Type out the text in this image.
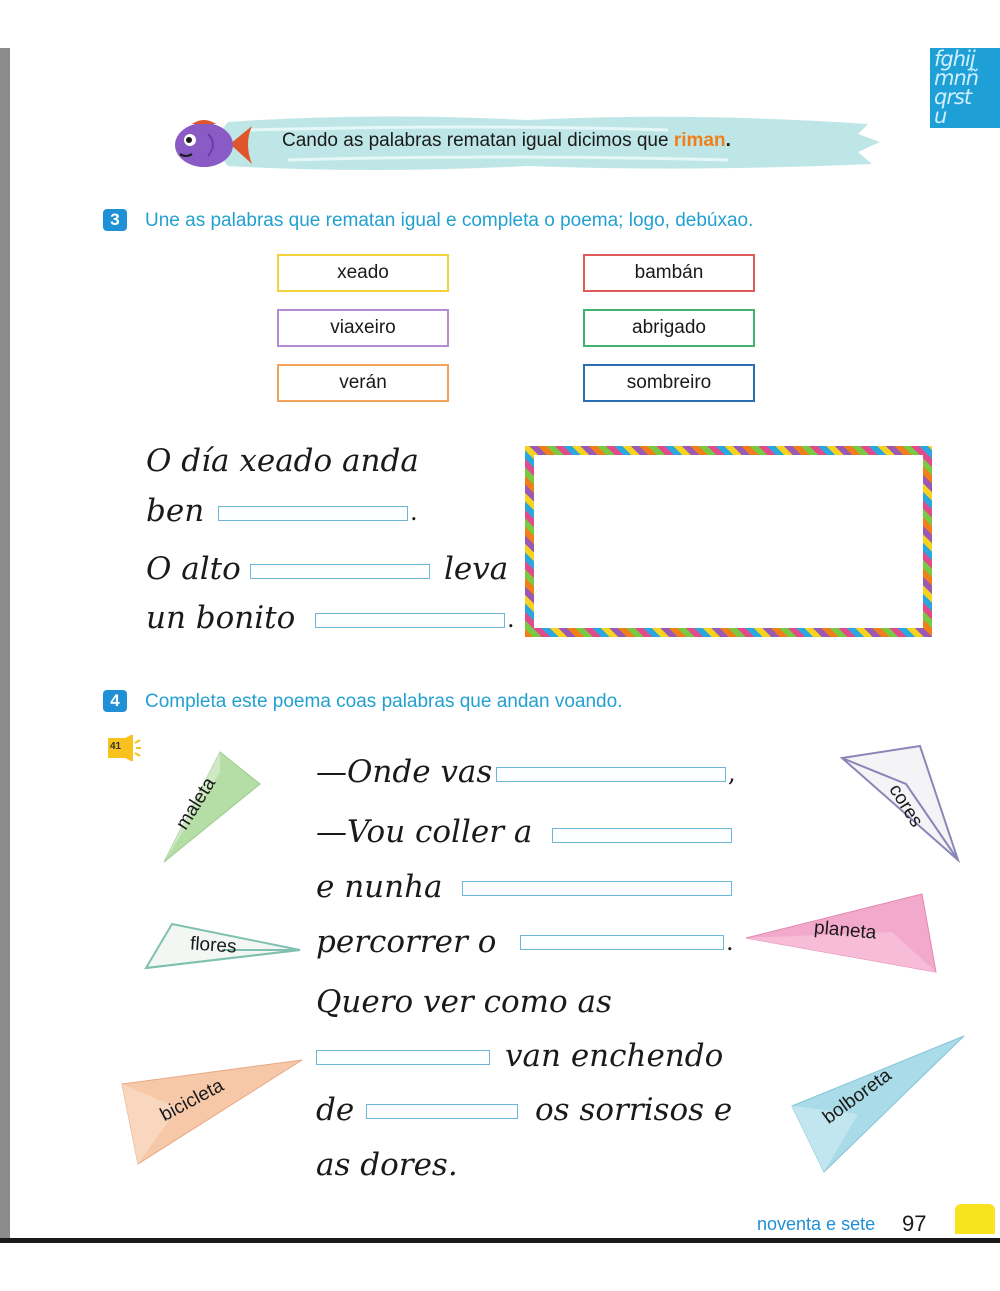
fghij
mnñ
qrst
u
Cando as palabras rematan igual dicimos que riman.
3	Une as palabras que rematan igual e completa o poema; logo, debúxao.
xeado
viaxeiro
verán
bambán
abrigado
sombreiro
O día xeado anda
ben	.
O alto	leva
un bonito	.
4	Completa este poema coas palabras que andan voando.
41
maleta	cores
flores
planeta
bicicleta	bolboreta
—Onde vas	,
—Vou coller a
e nunha
percorrer o	.
Quero ver como as
van enchendo
de	os sorrisos e
as dores.
noventa e sete 97
